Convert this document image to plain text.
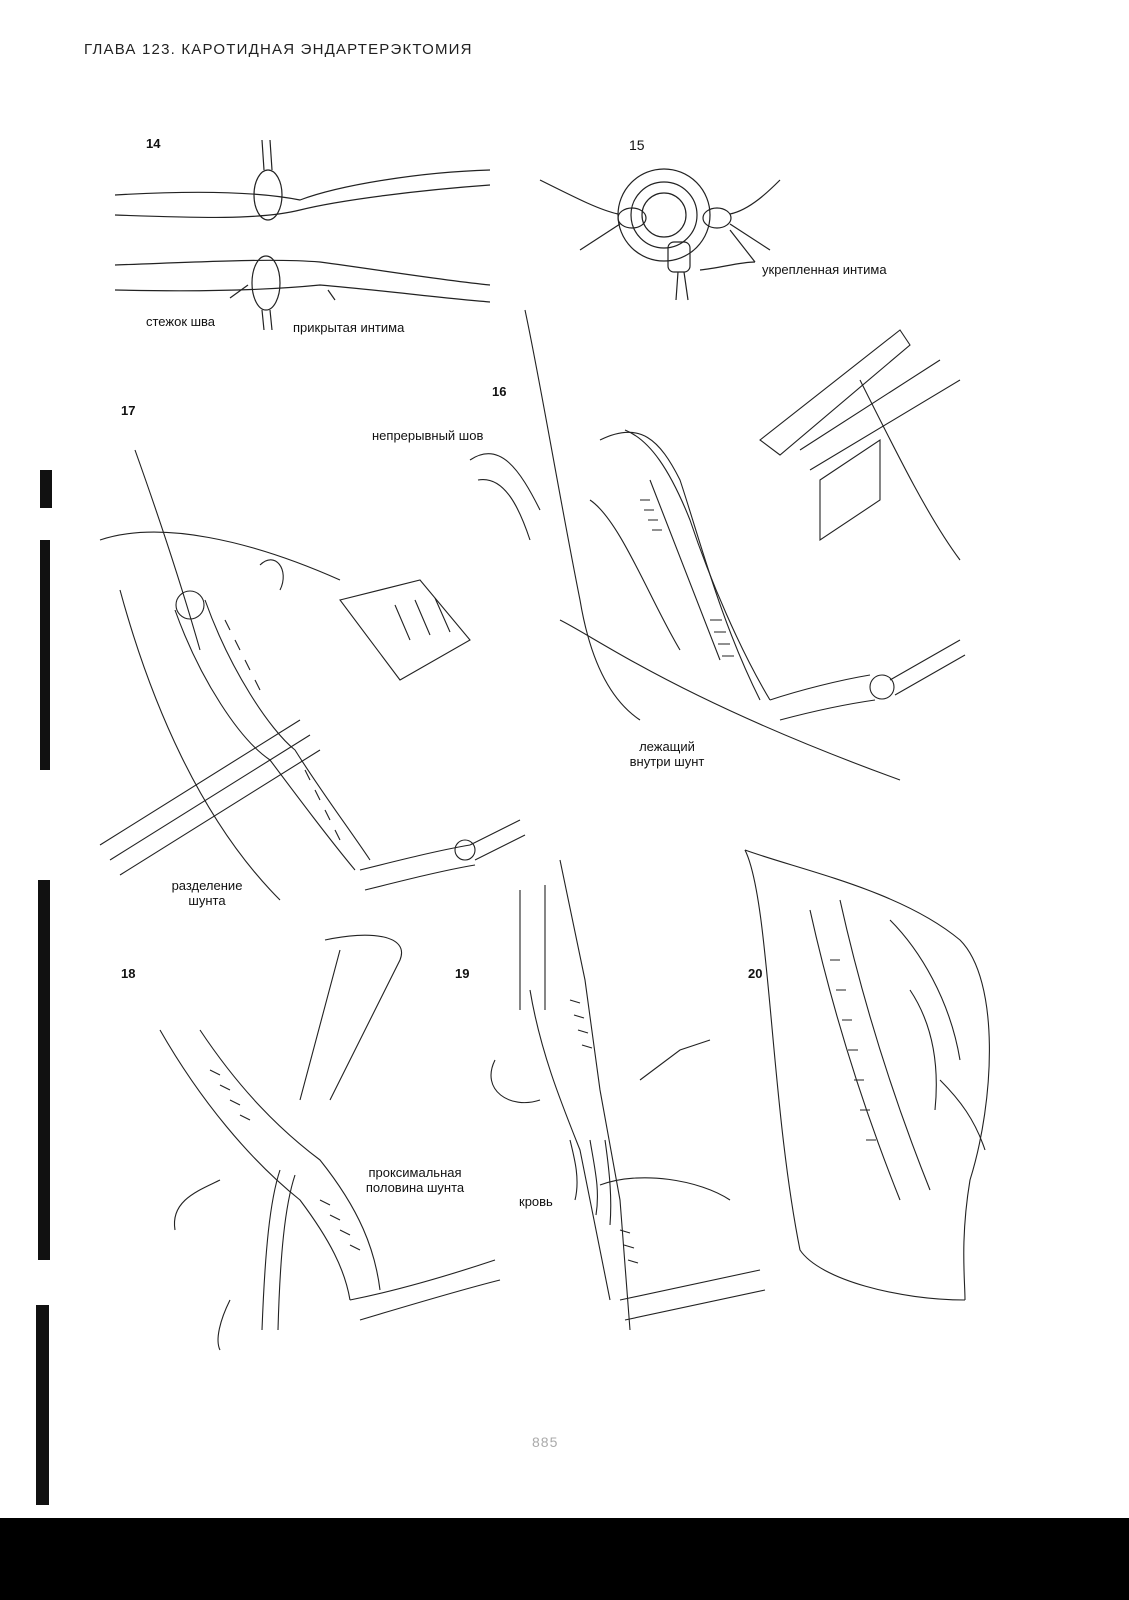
ГЛАВА 123. КАРОТИДНАЯ ЭНДАРТЕРЭКТОМИЯ
14
стежок шва	прикрытая интима
15
укрепленная интима
16
непрерывный шов
лежащий
внутри шунт
17
разделение
шунта
18
проксимальная
половина шунта
19
кровь
20
885
